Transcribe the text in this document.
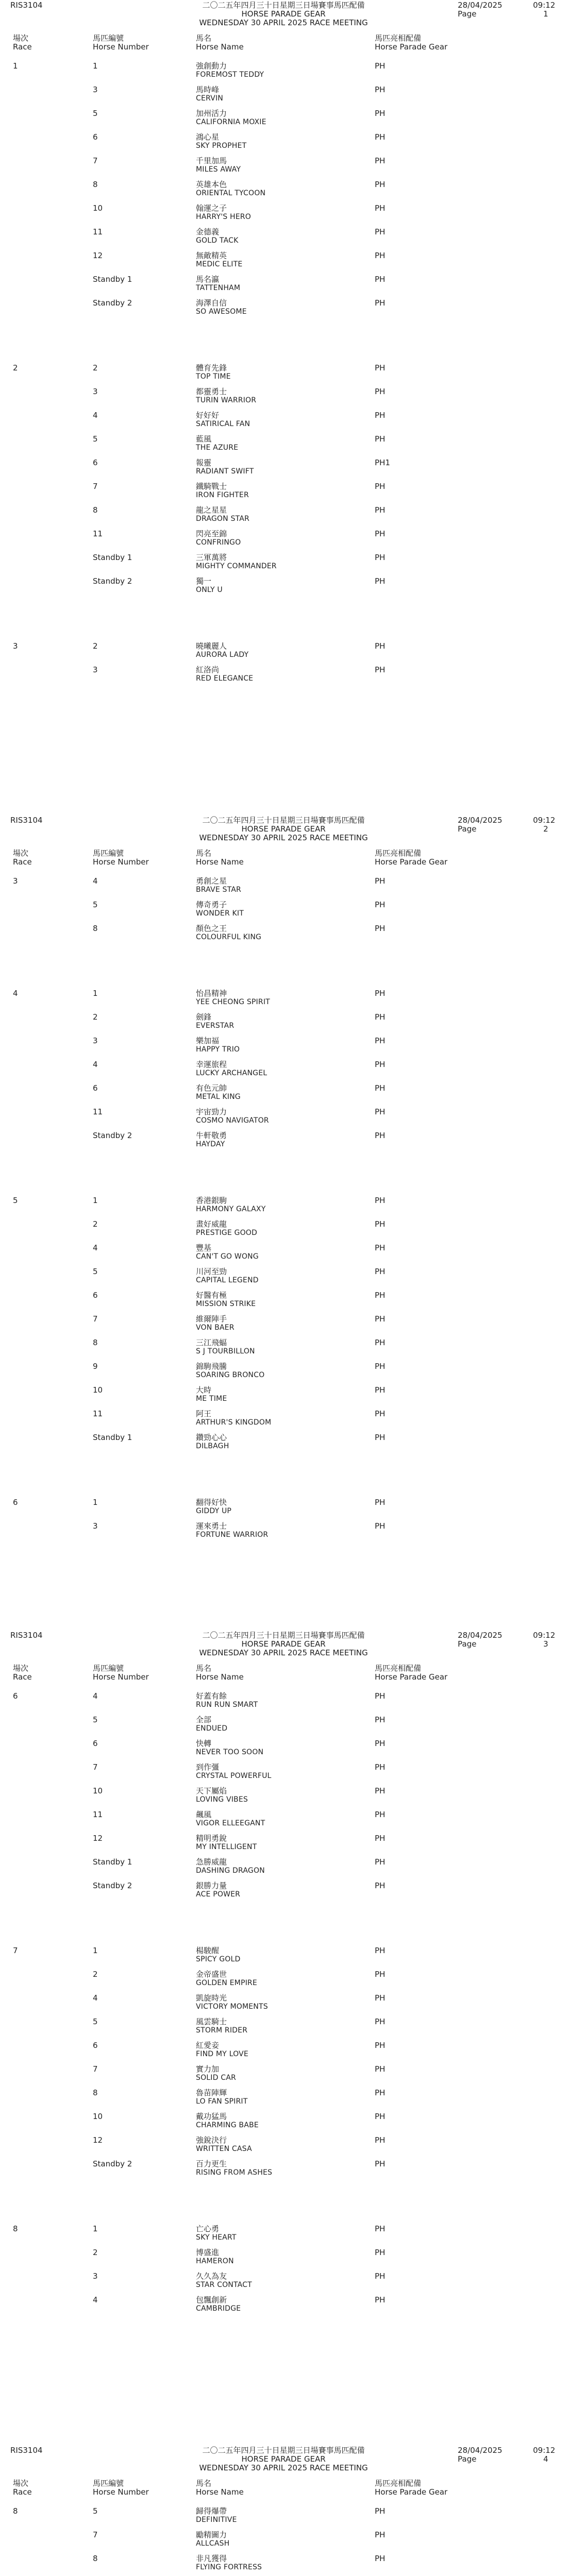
RIS3104	二〇二五年四月三十日星期三日場賽事馬匹配備
HORSE PARADE GEAR
WEDNESDAY 30 APRIL 2025 RACE MEETING
28/04/2025	09:12
Page	1
場次
Race
馬匹編號
Horse Number
馬名
Horse Name
馬匹亮相配備
Horse Parade Gear
1	1	強創動力
FOREMOST TEDDY
PH
3	馬時峰
CERVIN
PH
5	加州活力
CALIFORNIA MOXIE
PH
6	鴻心星
SKY PROPHET
PH
7	千里加馬
MILES AWAY
PH
8	英雄本色
ORIENTAL TYCOON
PH
10	翰運之子
HARRY'S HERO
PH
11	金德義
GOLD TACK
PH
12	無敵精英
MEDIC ELITE
PH
Standby 1	馬名瀛
TATTENHAM
PH
Standby 2	海澤自信
SO AWESOME
PH
2	2	體育先鋒
TOP TIME
PH
3	都靈勇士
TURIN WARRIOR
PH
4	好好好
SATIRICAL FAN
PH
5	藍風
THE AZURE
PH
6	報靈
RADIANT SWIFT
PH1
7	鐵騎戰士
IRON FIGHTER
PH
8	龍之星星
DRAGON STAR
PH
11	閃亮至錦
CONFRINGO
PH
Standby 1	三軍萬將
MIGHTY COMMANDER
PH
Standby 2	獨一
ONLY U
PH
3	2	曉曦麗人
AURORA LADY
PH
3	紅洛尚
RED ELEGANCE
PH
RIS3104	二〇二五年四月三十日星期三日場賽事馬匹配備
HORSE PARADE GEAR
WEDNESDAY 30 APRIL 2025 RACE MEETING
28/04/2025	09:12
Page	2
場次
Race
馬匹編號
Horse Number
馬名
Horse Name
馬匹亮相配備
Horse Parade Gear
3	4	勇創之星
BRAVE STAR
PH
5	傳奇勇子
WONDER KIT
PH
8	顏色之王
COLOURFUL KING
PH
4	1	怡昌精神
YEE CHEONG SPIRIT
PH
2	劍鋒
EVERSTAR
PH
3	樂加福
HAPPY TRIO
PH
4	幸運旅程
LUCKY ARCHANGEL
PH
6	有色元帥
METAL KING
PH
11	宇宙勁力
COSMO NAVIGATOR
PH
Standby 2	牛軒敬勇
HAYDAY
PH
5	1	香港銀駒
HARMONY GALAXY
PH
2	畫好威龍
PRESTIGE GOOD
PH
4	豐基
CAN'T GO WONG
PH
5	川河至勁
CAPITAL LEGEND
PH
6	好醫有極
MISSION STRIKE
PH
7	維爾陣手
VON BAER
PH
8	三江飛蝠
S J TOURBILLON
PH
9	錦駒飛騰
SOARING BRONCO
PH
10	大時
ME TIME
PH
11	阿王
ARTHUR'S KINGDOM
PH
Standby 1	鑽勁心心
DILBAGH
PH
6	1	翻得好快
GIDDY UP
PH
3	運來勇士
FORTUNE WARRIOR
PH
RIS3104	二〇二五年四月三十日星期三日場賽事馬匹配備
HORSE PARADE GEAR
WEDNESDAY 30 APRIL 2025 RACE MEETING
28/04/2025	09:12
Page	3
場次
Race
馬匹編號
Horse Number
馬名
Horse Name
馬匹亮相配備
Horse Parade Gear
6	4	好蓋有餘
RUN RUN SMART
PH
5	全部
ENDUED
PH
6	快轉
NEVER TOO SOON
PH
7	到作彊
CRYSTAL POWERFUL
PH
10	天下屬焰
LOVING VIBES
PH
11	飆風
VIGOR ELLEEGANT
PH
12	精明勇銳
MY INTELLIGENT
PH
Standby 1	急勝威龍
DASHING DRAGON
PH
Standby 2	銀勝力量
ACE POWER
PH
7	1	楊駿醒
SPICY GOLD
PH
2	金帝盛世
GOLDEN EMPIRE
PH
4	凱旋時光
VICTORY MOMENTS
PH
5	風雲騎士
STORM RIDER
PH
6	紅愛妾
FIND MY LOVE
PH
7	實力加
SOLID CAR
PH
8	魯苗陣輝
LO FAN SPIRIT
PH
10	戴功猛馬
CHARMING BABE
PH
12	強銳決行
WRITTEN CASA
PH
Standby 2	百力更生
RISING FROM ASHES
PH
8	1	亡心勇
SKY HEART
PH
2	博盛進
HAMERON
PH
3	久久為友
STAR CONTACT
PH
4	包飄創新
CAMBRIDGE
PH
RIS3104	二〇二五年四月三十日星期三日場賽事馬匹配備
HORSE PARADE GEAR
WEDNESDAY 30 APRIL 2025 RACE MEETING
28/04/2025	09:12
Page	4
場次
Race
馬匹編號
Horse Number
馬名
Horse Name
馬匹亮相配備
Horse Parade Gear
8	5	歸得爆帶
DEFINITIVE
PH
7	勵精圖力
ALLCASH
PH
8	非凡獲得
FLYING FORTRESS
PH
